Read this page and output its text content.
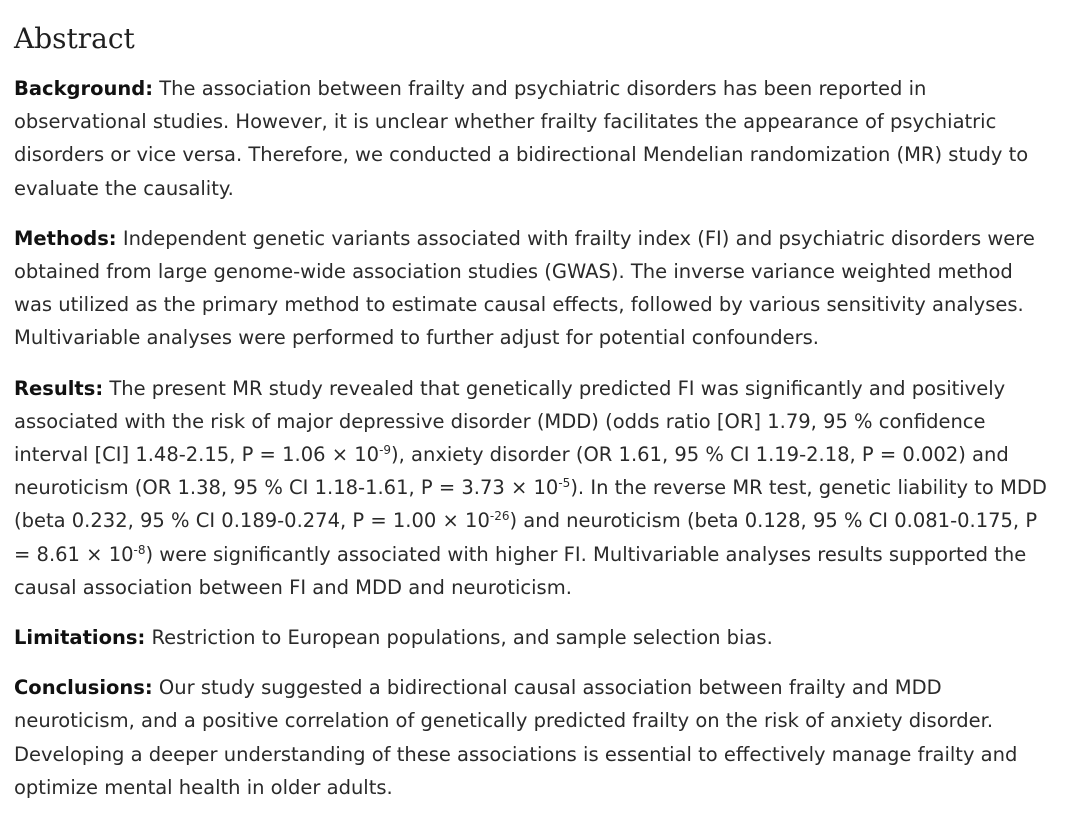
Abstract

Background: The association between frailty and psychiatric disorders has been reported in observational studies. However, it is unclear whether frailty facilitates the appearance of psychiatric disorders or vice versa. Therefore, we conducted a bidirectional Mendelian randomization (MR) study to evaluate the causality.

Methods: Independent genetic variants associated with frailty index (FI) and psychiatric disorders were obtained from large genome-wide association studies (GWAS). The inverse variance weighted method was utilized as the primary method to estimate causal effects, followed by various sensitivity analyses. Multivariable analyses were performed to further adjust for potential confounders.

Results: The present MR study revealed that genetically predicted FI was significantly and positively associated with the risk of major depressive disorder (MDD) (odds ratio [OR] 1.79, 95 % confidence interval [CI] 1.48-2.15, $P = 1.06 \times 10^{-9}$), anxiety disorder (OR 1.61, 95 % CI 1.19-2.18, P = 0.002) and neuroticism (OR 1.38, 95 % CI 1.18-1.61, $P = 3.73 \times 10^{-5}$). In the reverse MR test, genetic liability to MDD (beta 0.232, 95 % CI 0.189-0.274, $P = 1.00 \times 10^{-26}$) and neuroticism (beta 0.128, 95 % CI 0.081-0.175, $P = 8.61 \times 10^{-8}$) were significantly associated with higher FI. Multivariable analyses results supported the causal association between FI and MDD and neuroticism.

Limitations: Restriction to European populations, and sample selection bias.

Conclusions: Our study suggested a bidirectional causal association between frailty and MDD neuroticism, and a positive correlation of genetically predicted frailty on the risk of anxiety disorder. Developing a deeper understanding of these associations is essential to effectively manage frailty and optimize mental health in older adults.
